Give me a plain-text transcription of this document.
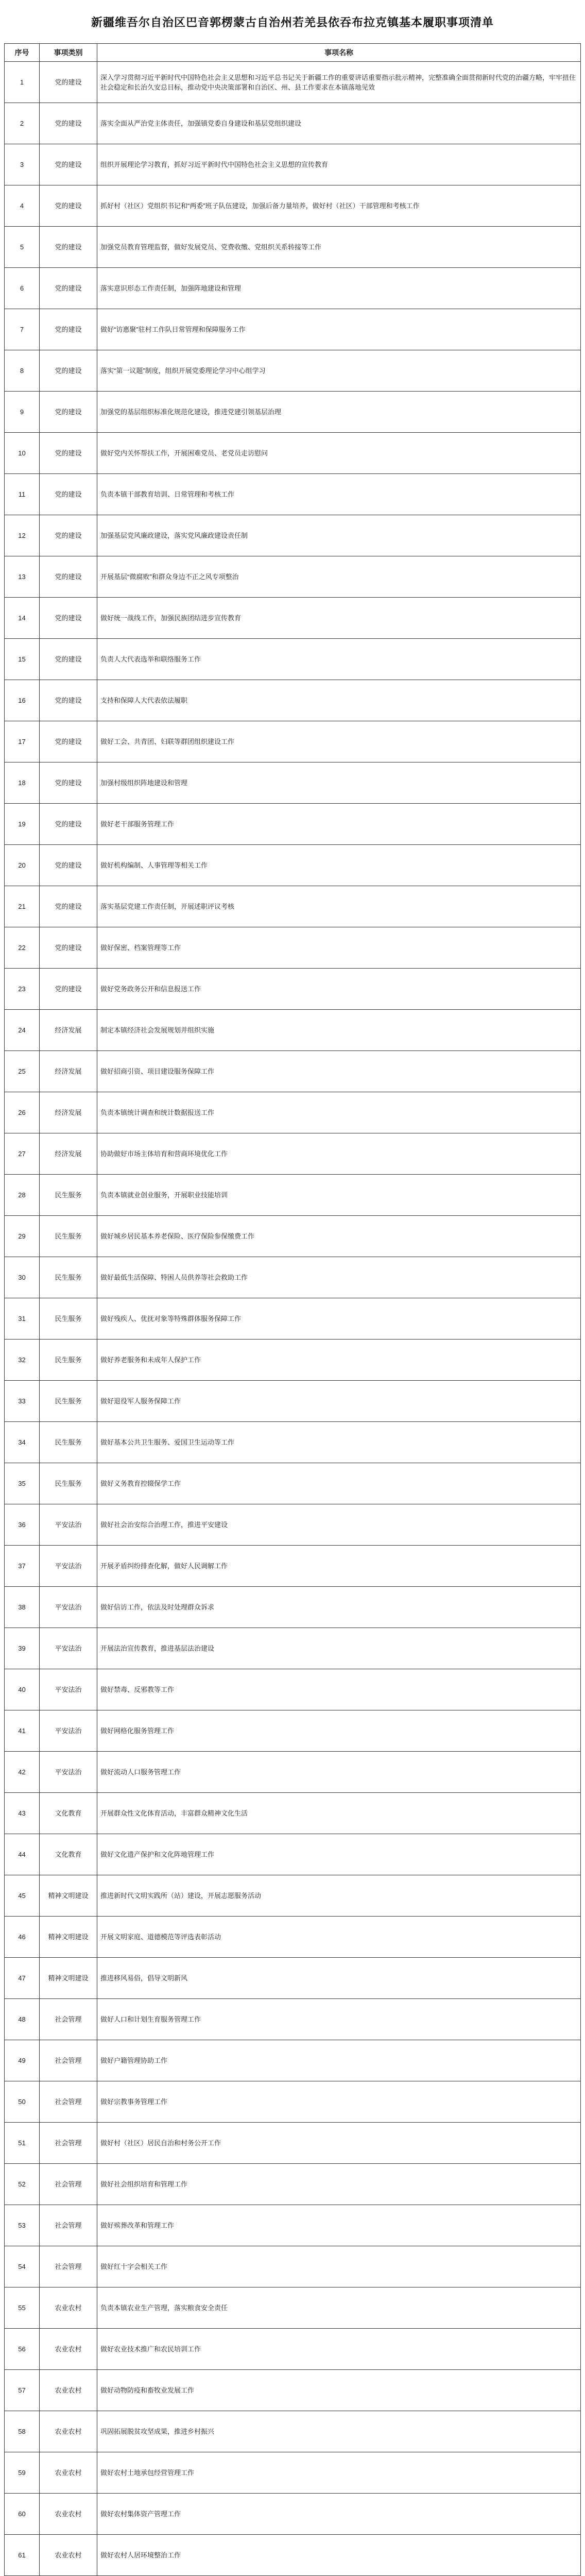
新疆维吾尔自治区巴音郭楞蒙古自治州若羌县依吞布拉克镇基本履职事项清单
序号	事项类别	事项名称
1	党的建设	深入学习贯彻习近平新时代中国特色社会主义思想和习近平总书记关于新疆工作的重要讲话重要指示批示精神，完整准确全面贯彻新时代党的治疆方略，牢牢扭住社会稳定和长治久安总目标，推动党中央决策部署和自治区、州、县工作要求在本镇落地见效
2	党的建设	落实全面从严治党主体责任，加强镇党委自身建设和基层党组织建设
3	党的建设	组织开展理论学习教育，抓好习近平新时代中国特色社会主义思想的宣传教育
4	党的建设	抓好村（社区）党组织书记和“两委”班子队伍建设，加强后备力量培养，做好村（社区）干部管理和考核工作
5	党的建设	加强党员教育管理监督，做好发展党员、党费收缴、党组织关系转接等工作
6	党的建设	落实意识形态工作责任制，加强阵地建设和管理
7	党的建设	做好“访惠聚”驻村工作队日常管理和保障服务工作
8	党的建设	落实“第一议题”制度，组织开展党委理论学习中心组学习
9	党的建设	加强党的基层组织标准化规范化建设，推进党建引领基层治理
10	党的建设	做好党内关怀帮扶工作，开展困难党员、老党员走访慰问
11	党的建设	负责本镇干部教育培训、日常管理和考核工作
12	党的建设	加强基层党风廉政建设，落实党风廉政建设责任制
13	党的建设	开展基层“微腐败”和群众身边不正之风专项整治
14	党的建设	做好统一战线工作，加强民族团结进步宣传教育
15	党的建设	负责人大代表选举和联络服务工作
16	党的建设	支持和保障人大代表依法履职
17	党的建设	做好工会、共青团、妇联等群团组织建设工作
18	党的建设	加强村级组织阵地建设和管理
19	党的建设	做好老干部服务管理工作
20	党的建设	做好机构编制、人事管理等相关工作
21	党的建设	落实基层党建工作责任制，开展述职评议考核
22	党的建设	做好保密、档案管理等工作
23	党的建设	做好党务政务公开和信息报送工作
24	经济发展	制定本镇经济社会发展规划并组织实施
25	经济发展	做好招商引资、项目建设服务保障工作
26	经济发展	负责本镇统计调查和统计数据报送工作
27	经济发展	协助做好市场主体培育和营商环境优化工作
28	民生服务	负责本镇就业创业服务，开展职业技能培训
29	民生服务	做好城乡居民基本养老保险、医疗保险参保缴费工作
30	民生服务	做好最低生活保障、特困人员供养等社会救助工作
31	民生服务	做好残疾人、优抚对象等特殊群体服务保障工作
32	民生服务	做好养老服务和未成年人保护工作
33	民生服务	做好退役军人服务保障工作
34	民生服务	做好基本公共卫生服务、爱国卫生运动等工作
35	民生服务	做好义务教育控辍保学工作
36	平安法治	做好社会治安综合治理工作，推进平安建设
37	平安法治	开展矛盾纠纷排查化解，做好人民调解工作
38	平安法治	做好信访工作，依法及时处理群众诉求
39	平安法治	开展法治宣传教育，推进基层法治建设
40	平安法治	做好禁毒、反邪教等工作
41	平安法治	做好网格化服务管理工作
42	平安法治	做好流动人口服务管理工作
43	文化教育	开展群众性文化体育活动，丰富群众精神文化生活
44	文化教育	做好文化遗产保护和文化阵地管理工作
45	精神文明建设	推进新时代文明实践所（站）建设，开展志愿服务活动
46	精神文明建设	开展文明家庭、道德模范等评选表彰活动
47	精神文明建设	推进移风易俗，倡导文明新风
48	社会管理	做好人口和计划生育服务管理工作
49	社会管理	做好户籍管理协助工作
50	社会管理	做好宗教事务管理工作
51	社会管理	做好村（社区）居民自治和村务公开工作
52	社会管理	做好社会组织培育和管理工作
53	社会管理	做好殡葬改革和管理工作
54	社会管理	做好红十字会相关工作
55	农业农村	负责本镇农业生产管理，落实粮食安全责任
56	农业农村	做好农业技术推广和农民培训工作
57	农业农村	做好动物防疫和畜牧业发展工作
58	农业农村	巩固拓展脱贫攻坚成果，推进乡村振兴
59	农业农村	做好农村土地承包经营管理工作
60	农业农村	做好农村集体资产管理工作
61	农业农村	做好农村人居环境整治工作
